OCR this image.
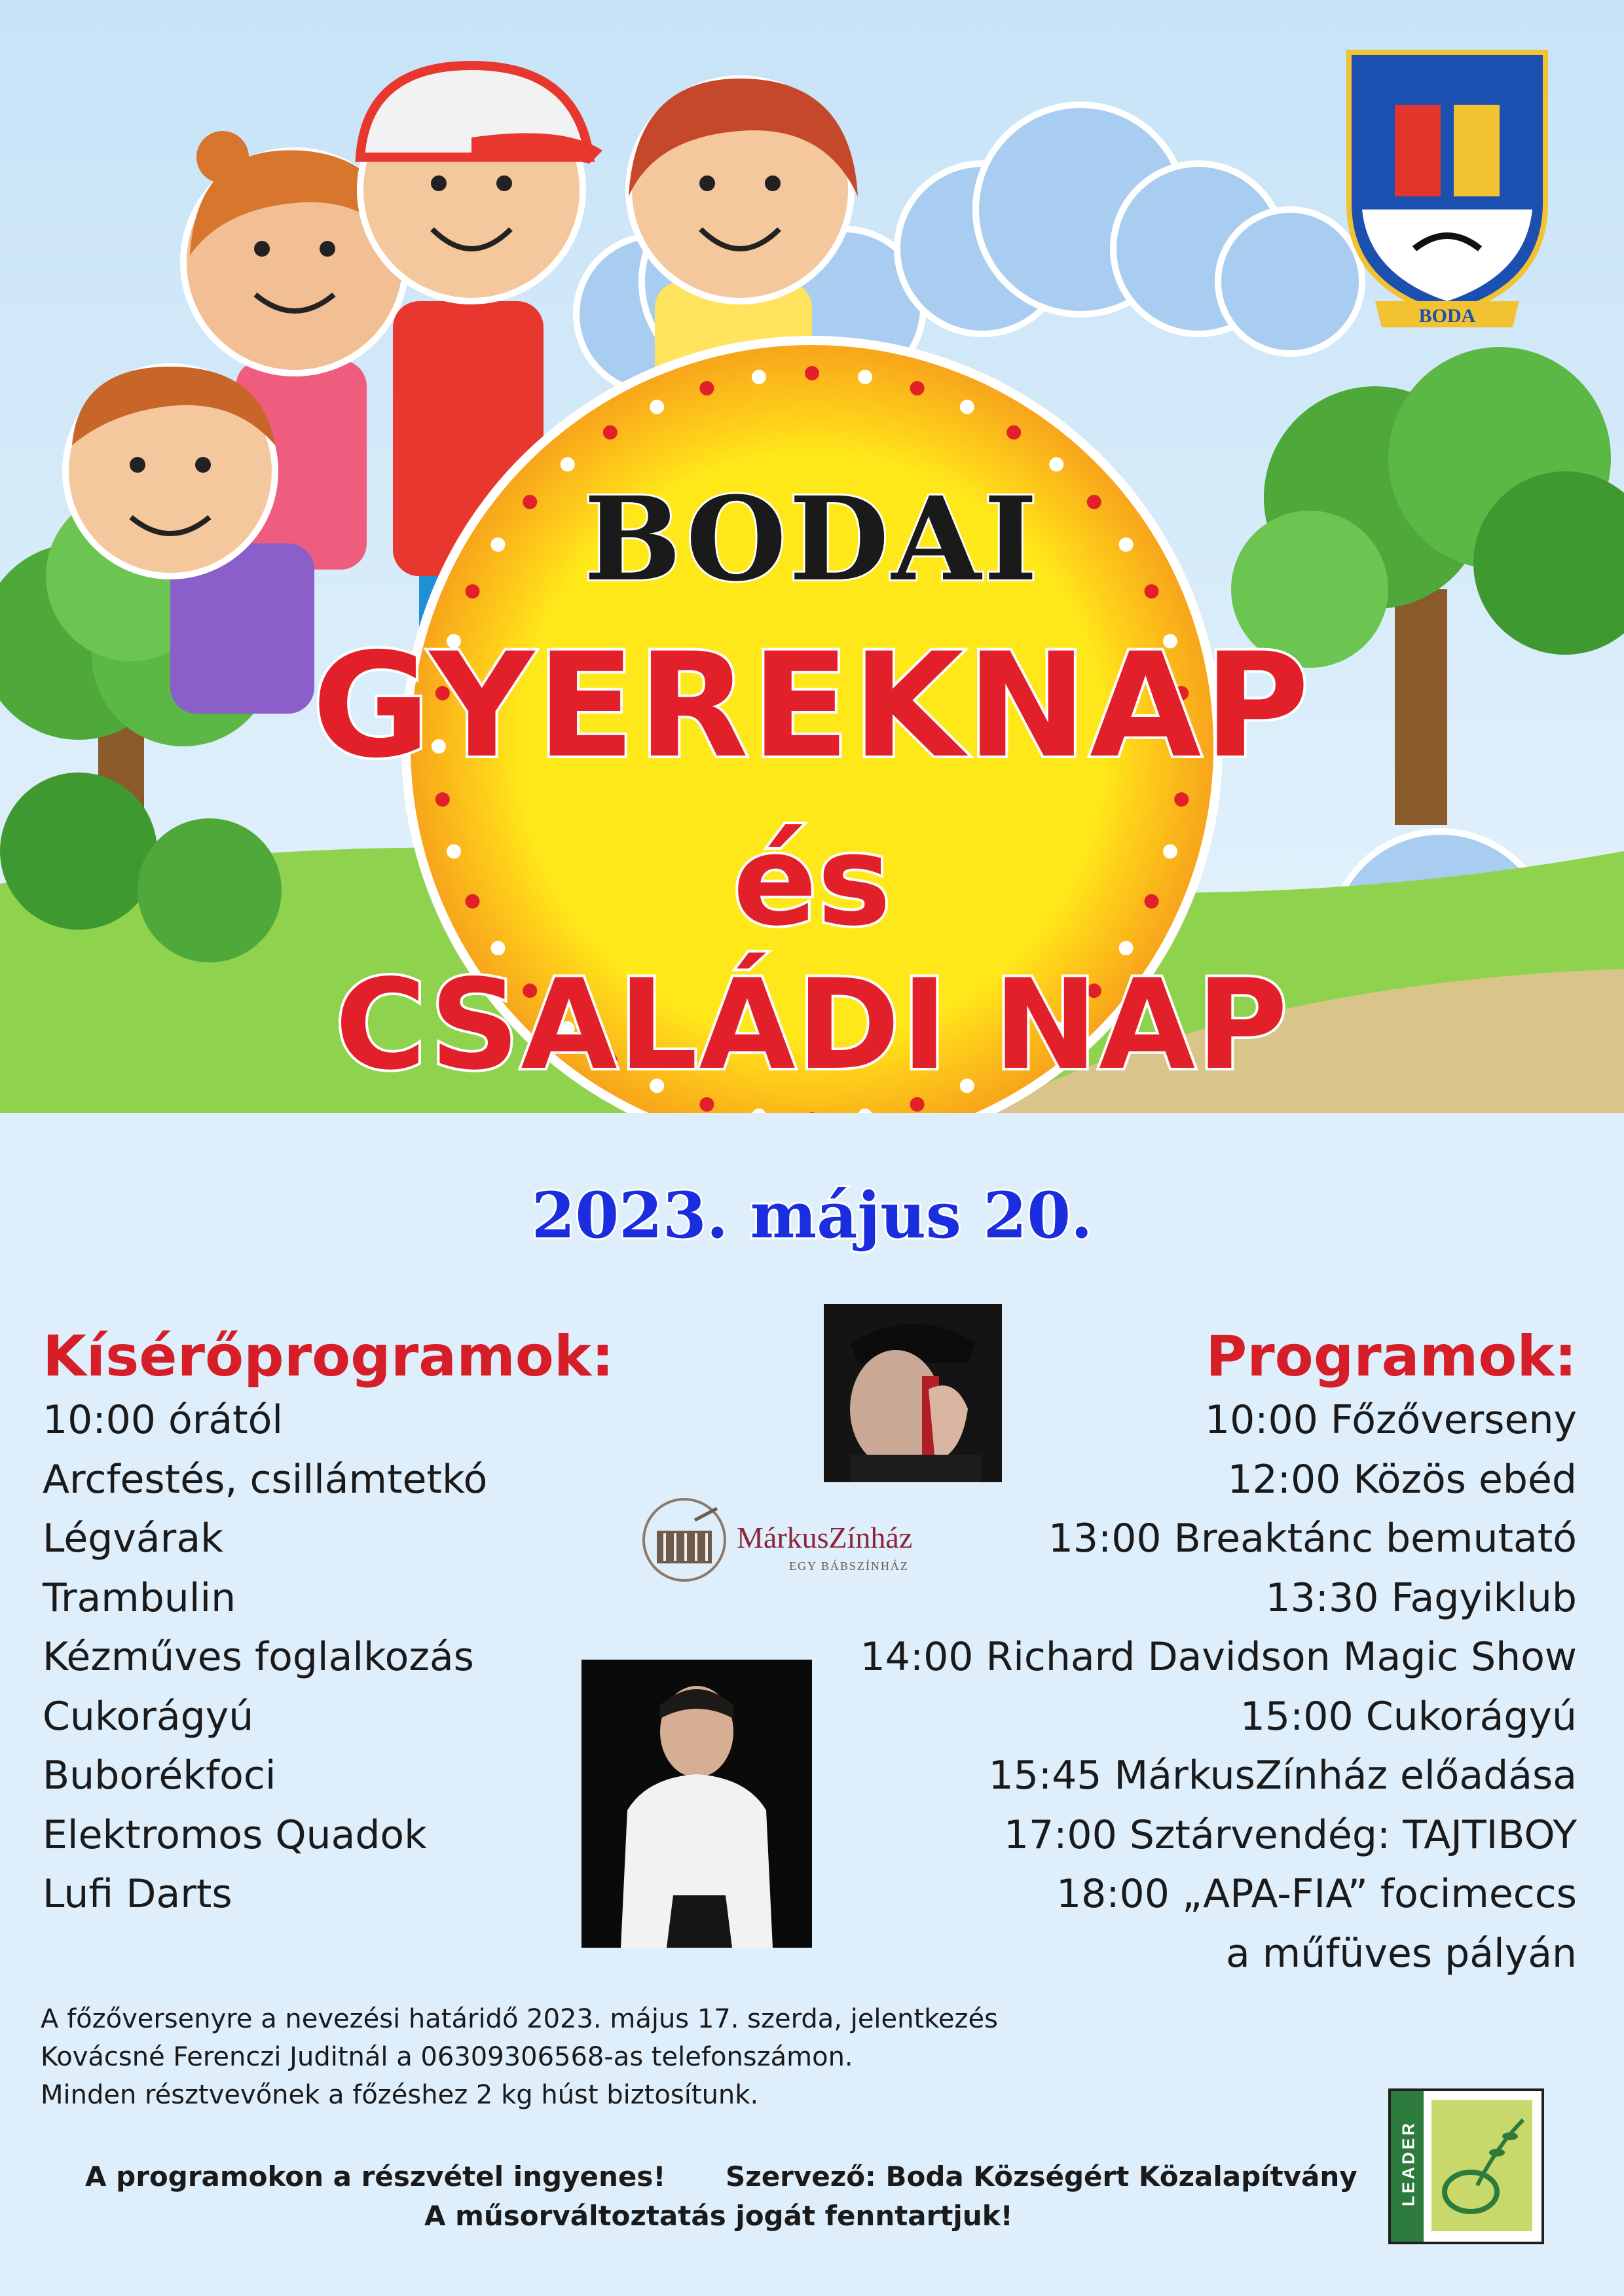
BODA
BODAI
GYEREKNAP
és
CSALÁDI NAP
2023. május 20.
Kísérőprogramok:
10:00 órától
Arcfestés, csillámtetkó
Légvárak
Trambulin
Kézműves foglalkozás
Cukorágyú
Buborékfoci
Elektromos Quadok
Lufi Darts
Programok:
10:00 Főzőverseny
12:00 Közös ebéd
13:00 Breaktánc bemutató
13:30 Fagyiklub
14:00 Richard Davidson Magic Show
15:00 Cukorágyú
15:45 MárkusZínház előadása
17:00 Sztárvendég: TAJTIBOY
18:00 „APA-FIA” focimeccs
a műfüves pályán
MárkusZínház
EGY BÁBSZÍNHÁZ
A főzőversenyre a nevezési határidő 2023. május 17. szerda, jelentkezés
Kovácsné Ferenczi Juditnál a 06309306568-as telefonszámon.
Minden résztvevőnek a főzéshez 2 kg húst biztosítunk.
A programokon a részvétel ingyenes! Szervező: Boda Községért Közalapítvány
A műsorváltoztatás jogát fenntartjuk!
LEADER
